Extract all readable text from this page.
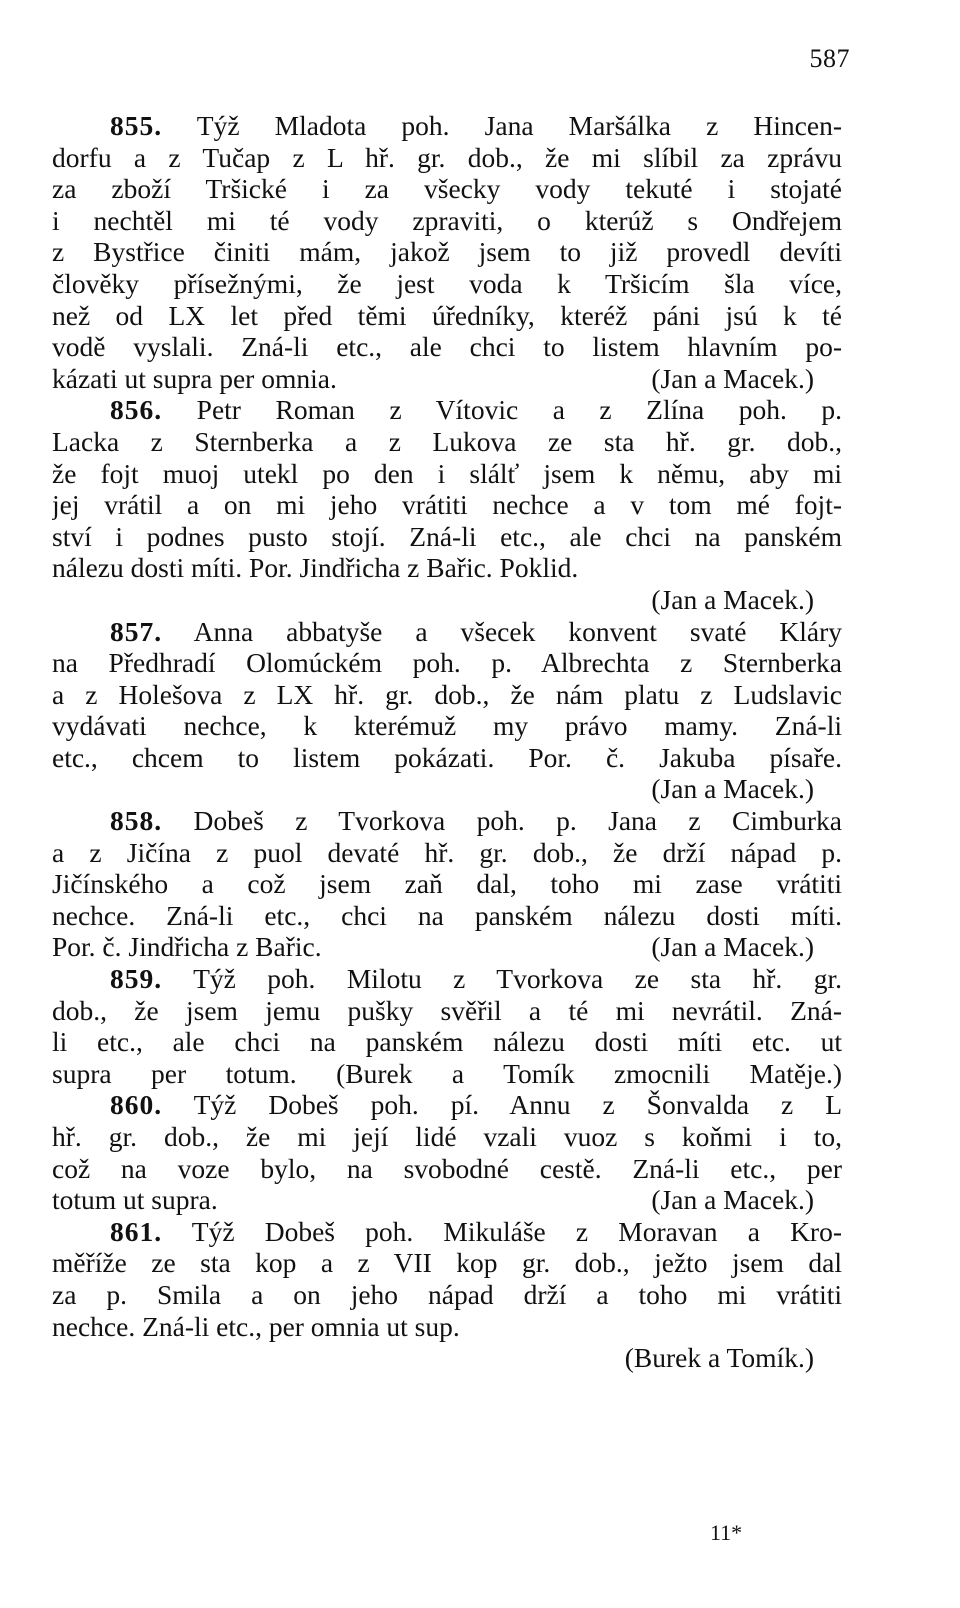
587
855. Týž Mladota poh. Jana Maršálka z Hincen-
dorfu a z Tučap z L hř. gr. dob., že mi slíbil za zprávu
za zboží Tršické i za všecky vody tekuté i stojaté
i nechtěl mi té vody zpraviti, o kterúž s Ondřejem
z Bystřice činiti mám, jakož jsem to již provedl devíti
člověky přísežnými, že jest voda k Tršicím šla více,
než od LX let před těmi úředníky, kteréž páni jsú k té
vodě vyslali. Zná-li etc., ale chci to listem hlavním po-
kázati ut supra per omnia.	(Jan a Macek.)
856. Petr Roman z Vítovic a z Zlína poh. p.
Lacka z Sternberka a z Lukova ze sta hř. gr. dob.,
že fojt muoj utekl po den i slálť jsem k němu, aby mi
jej vrátil a on mi jeho vrátiti nechce a v tom mé fojt-
ství i podnes pusto stojí. Zná-li etc., ale chci na panském
nálezu dosti míti. Por. Jindřicha z Bařic. Poklid.
(Jan a Macek.)
857. Anna abbatyše a všecek konvent svaté Kláry
na Předhradí Olomúckém poh. p. Albrechta z Sternberka
a z Holešova z LX hř. gr. dob., že nám platu z Ludslavic
vydávati nechce, k kterémuž my právo mamy. Zná-li
etc., chcem to listem pokázati. Por. č. Jakuba písaře.
(Jan a Macek.)
858. Dobeš z Tvorkova poh. p. Jana z Cimburka
a z Jičína z puol devaté hř. gr. dob., že drží nápad p.
Jičínského a což jsem zaň dal, toho mi zase vrátiti
nechce. Zná-li etc., chci na panském nálezu dosti míti.
Por. č. Jindřicha z Bařic.	(Jan a Macek.)
859. Týž poh. Milotu z Tvorkova ze sta hř. gr.
dob., že jsem jemu pušky svěřil a té mi nevrátil. Zná-
li etc., ale chci na panském nálezu dosti míti etc. ut
supra per totum. (Burek a Tomík zmocnili Matěje.)
860. Týž Dobeš poh. pí. Annu z Šonvalda z L
hř. gr. dob., že mi její lidé vzali vuoz s koňmi i to,
což na voze bylo, na svobodné cestě. Zná-li etc., per
totum ut supra.	(Jan a Macek.)
861. Týž Dobeš poh. Mikuláše z Moravan a Kro-
měříže ze sta kop a z VII kop gr. dob., ježto jsem dal
za p. Smila a on jeho nápad drží a toho mi vrátiti
nechce. Zná-li etc., per omnia ut sup.
(Burek a Tomík.)
11*
